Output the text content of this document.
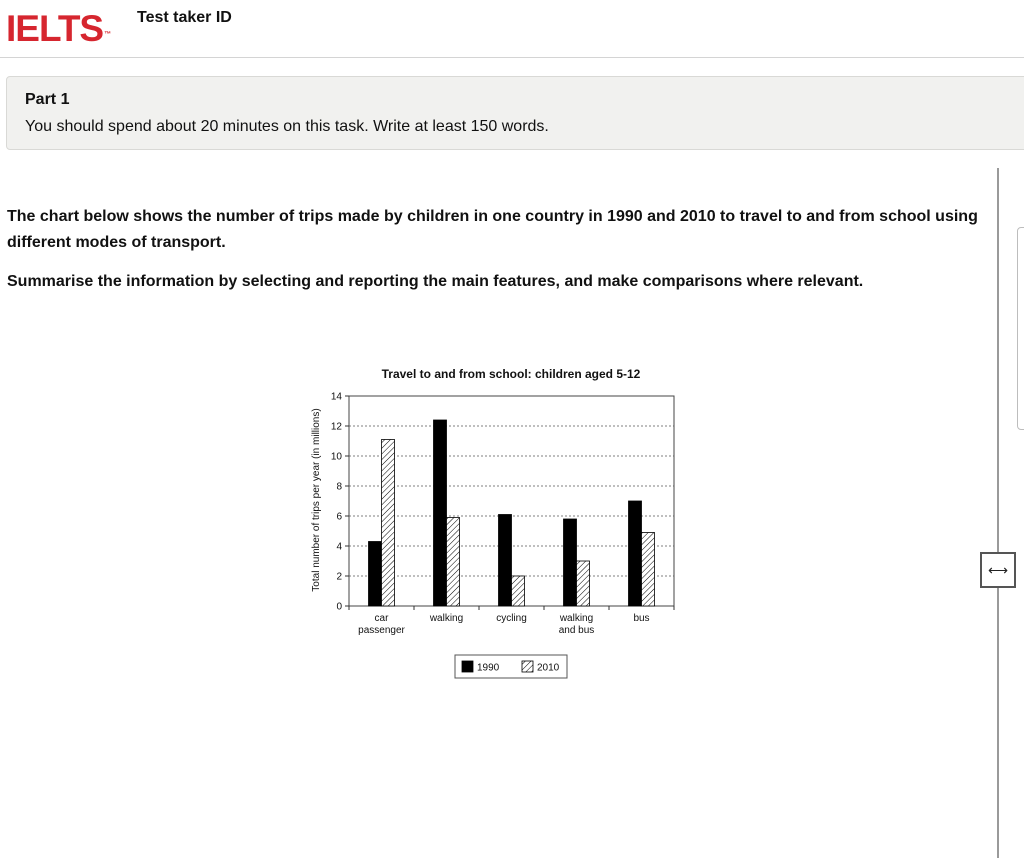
IELTS™
Test taker ID
Part 1
You should spend about 20 minutes on this task. Write at least 150 words.
The chart below shows the number of trips made by children in one country in 1990 and 2010 to travel to and from school using different modes of transport.
Summarise the information by selecting and reporting the main features, and make comparisons where relevant.
Travel to and from school: children aged 5-12
Total number of trips per year (in millions)
0
2
4
6
8
10
12
14
car
passenger
walking	cycling	walking
and bus
bus
1990	2010
⟷
